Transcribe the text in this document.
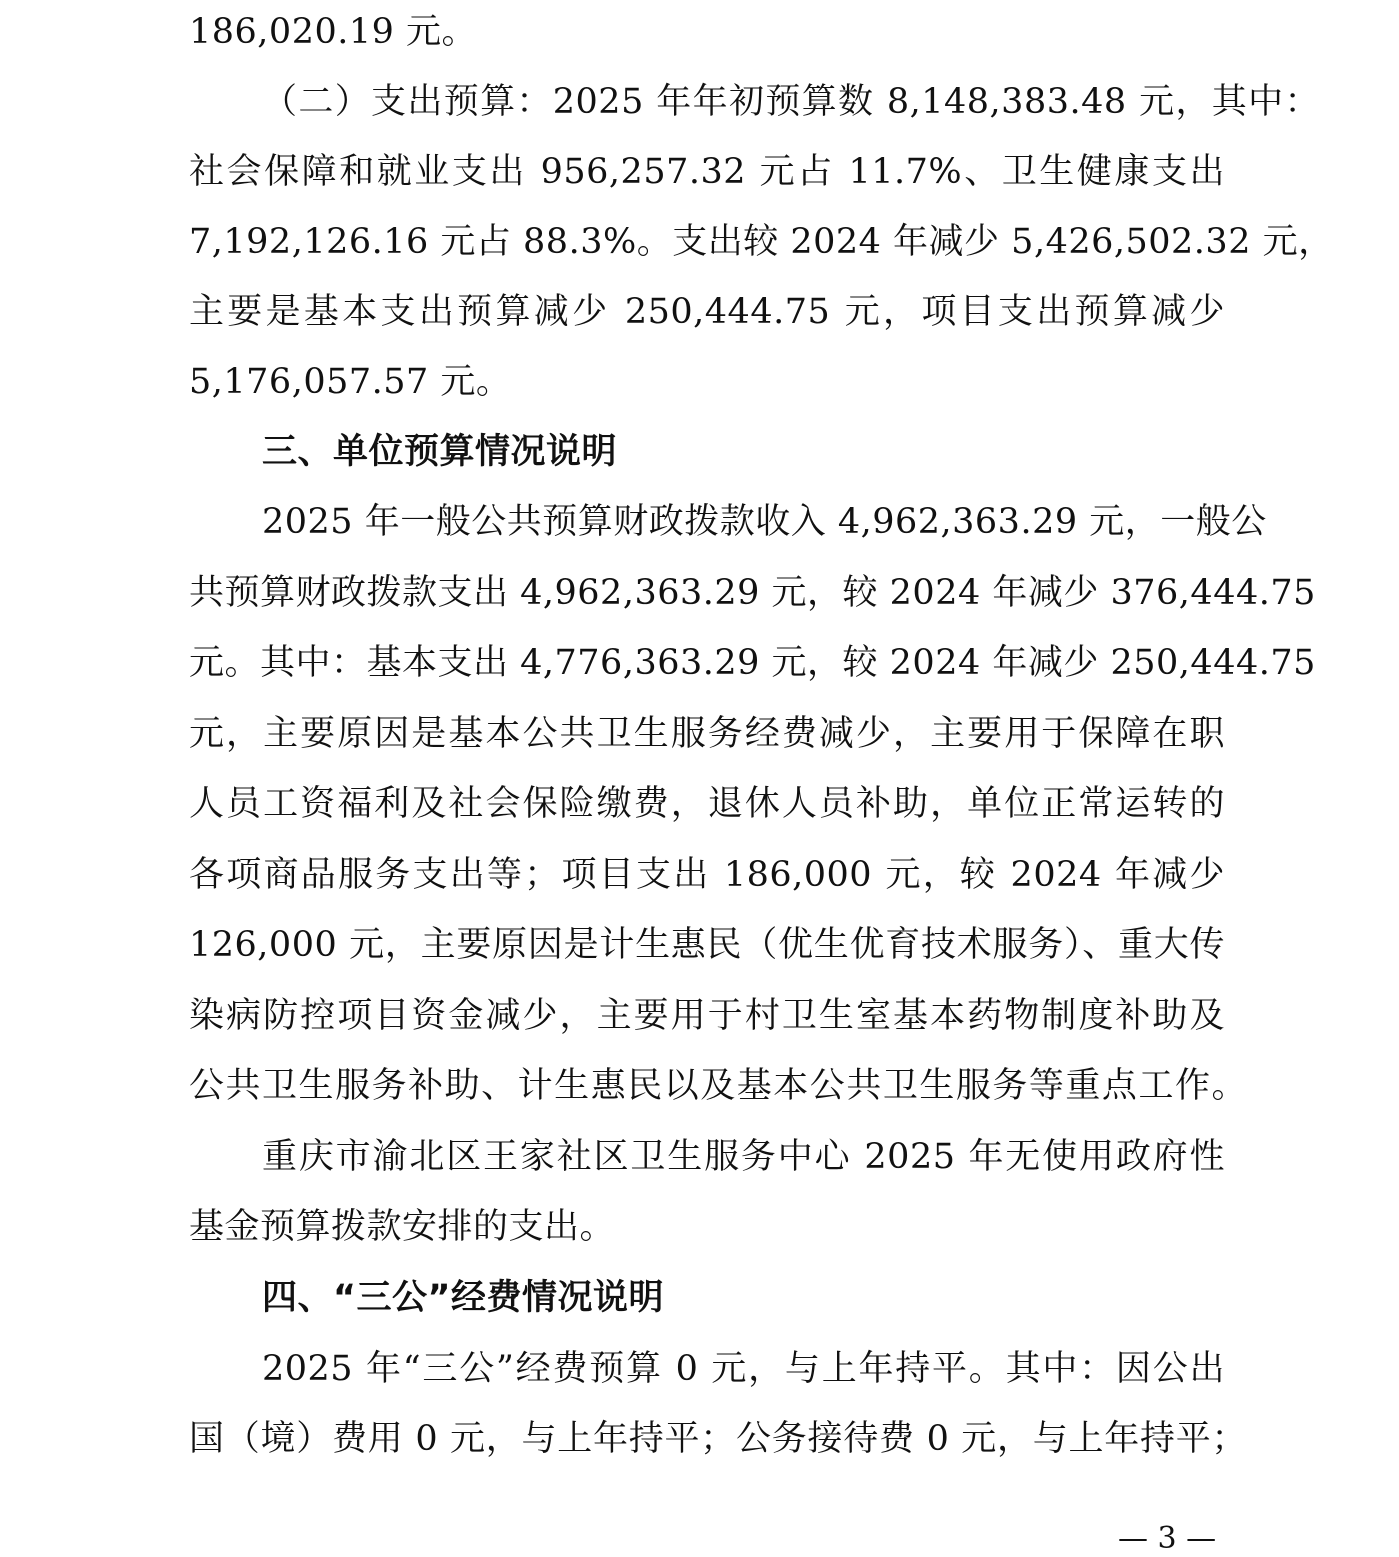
186,020.19 元。
（二）支出预算：2025 年年初预算数 8,148,383.48 元，其中：
社会保障和就业支出 956,257.32 元占 11.7%、卫生健康支出
7,192,126.16 元占 88.3%。支出较 2024 年减少 5,426,502.32 元，
主要是基本支出预算减少 250,444.75 元，项目支出预算减少
5,176,057.57 元。
三、单位预算情况说明
2025 年一般公共预算财政拨款收入 4,962,363.29 元，一般公
共预算财政拨款支出 4,962,363.29 元，较 2024 年减少 376,444.75
元。其中：基本支出 4,776,363.29 元，较 2024 年减少 250,444.75
元，主要原因是基本公共卫生服务经费减少，主要用于保障在职
人员工资福利及社会保险缴费，退休人员补助，单位正常运转的
各项商品服务支出等；项目支出 186,000 元，较 2024 年减少
126,000 元，主要原因是计生惠民（优生优育技术服务）、重大传
染病防控项目资金减少，主要用于村卫生室基本药物制度补助及
公共卫生服务补助、计生惠民以及基本公共卫生服务等重点工作。
重庆市渝北区王家社区卫生服务中心 2025 年无使用政府性
基金预算拨款安排的支出。
四、“三公”经费情况说明
2025 年“三公”经费预算 0 元，与上年持平。其中：因公出
国（境）费用 0 元，与上年持平；公务接待费 0 元，与上年持平；
— 3 —
